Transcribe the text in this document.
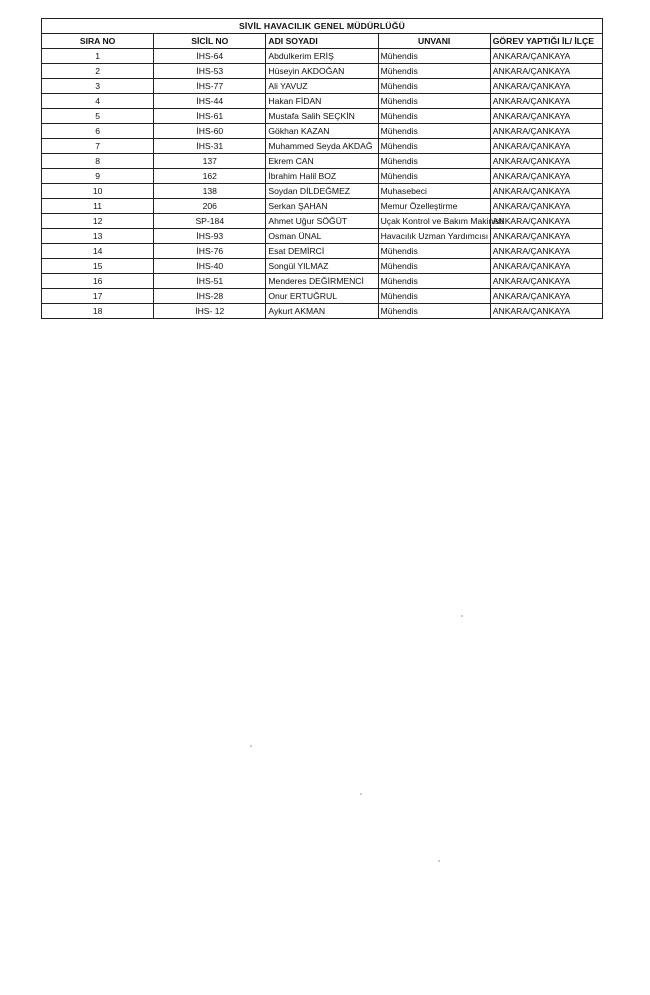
SİVİL HAVACILIK GENEL MÜDÜRLÜĞÜ				
SIRA NO	SİCİL NO	ADI SOYADI	UNVANI	GÖREV YAPTIĞI İL/ İLÇE
1	İHS-64	Abdulkerim ERİŞ	Mühendis	ANKARA/ÇANKAYA
2	İHS-53	Hüseyin AKDOĞAN	Mühendis	ANKARA/ÇANKAYA
3	İHS-77	Ali YAVUZ	Mühendis	ANKARA/ÇANKAYA
4	İHS-44	Hakan FİDAN	Mühendis	ANKARA/ÇANKAYA
5	İHS-61	Mustafa Salih SEÇKİN	Mühendis	ANKARA/ÇANKAYA
6	İHS-60	Gökhan KAZAN	Mühendis	ANKARA/ÇANKAYA
7	İHS-31	Muhammed Seyda AKDAĞ	Mühendis	ANKARA/ÇANKAYA
8	137	Ekrem CAN	Mühendis	ANKARA/ÇANKAYA
9	162	İbrahim Halil BOZ	Mühendis	ANKARA/ÇANKAYA
10	138	Soydan DİLDEĞMEZ	Muhasebeci	ANKARA/ÇANKAYA
11	206	Serkan ŞAHAN	Memur Özelleştirme	ANKARA/ÇANKAYA
12	SP-184	Ahmet Uğur SÖĞÜT	Uçak Kontrol ve Bakım Makinisti	ANKARA/ÇANKAYA
13	İHS-93	Osman ÜNAL	Havacılık Uzman Yardımcısı	ANKARA/ÇANKAYA
14	İHS-76	Esat DEMİRCİ	Mühendis	ANKARA/ÇANKAYA
15	İHS-40	Songül YILMAZ	Mühendis	ANKARA/ÇANKAYA
16	İHS-51	Menderes DEĞİRMENCİ	Mühendis	ANKARA/ÇANKAYA
17	İHS-28	Onur ERTUĞRUL	Mühendis	ANKARA/ÇANKAYA
18	İHS- 12	Aykurt AKMAN	Mühendis	ANKARA/ÇANKAYA
